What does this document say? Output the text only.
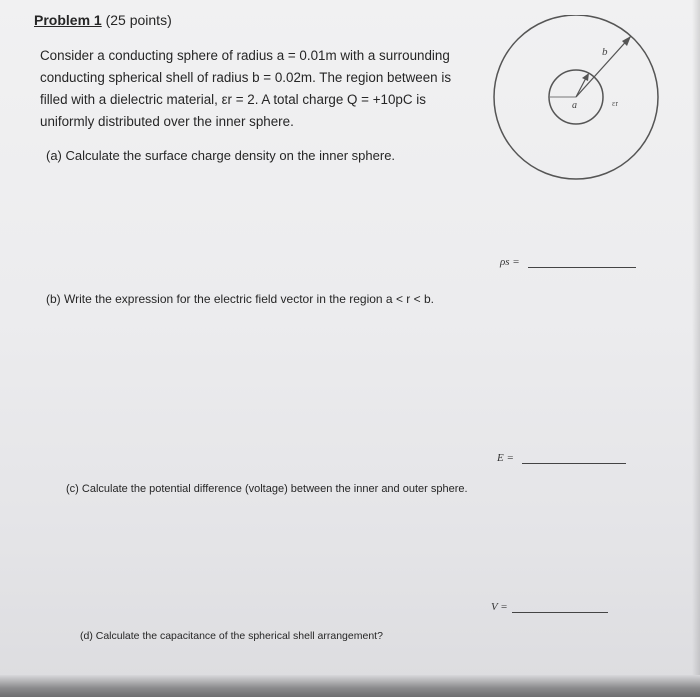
Problem 1 (25 points)
Consider a conducting sphere of radius a = 0.01m with a surrounding
conducting spherical shell of radius b = 0.02m. The region between is
filled with a dielectric material, εr = 2. A total charge Q = +10pC is
uniformly distributed over the inner sphere.
(a) Calculate the surface charge density on the inner sphere.
ρs =
(b) Write the expression for the electric field vector in the region a < r < b.
E =
(c) Calculate the potential difference (voltage) between the inner and outer sphere.
V =
(d) Calculate the capacitance of the spherical shell arrangement?
b
a	εr
